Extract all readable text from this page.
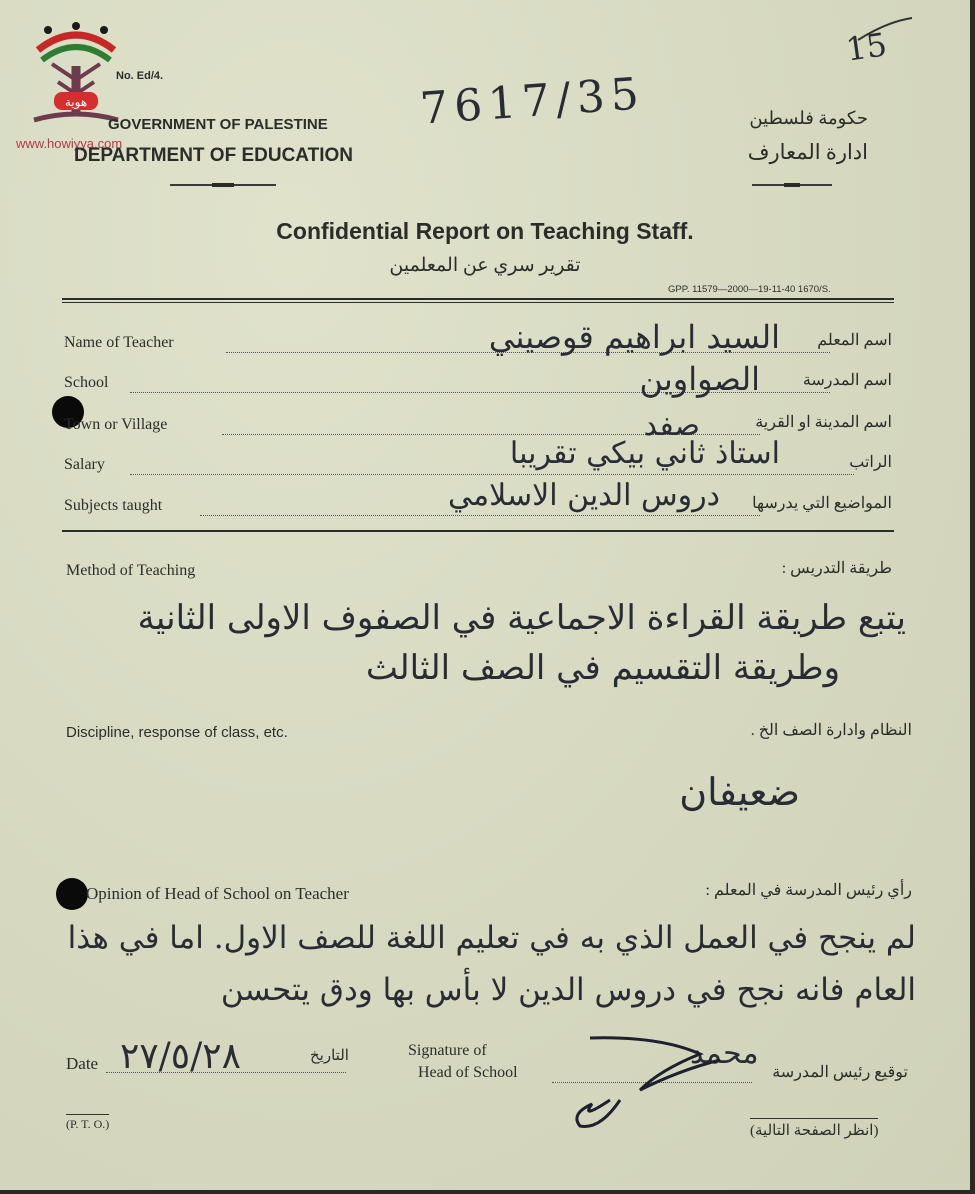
هوية
www.howiyya.com
No. Ed/4.	7617/35
15
GOVERNMENT OF PALESTINE
DEPARTMENT OF EDUCATION
حكومة فلسطين
ادارة المعارف
Confidential Report on Teaching Staff.
تقرير سري عن المعلمين
GPP. 11579—2000—19-11-40 1670/S.
Name of Teacher	اسم المعلم
السيد ابراهيم قوصيني
School	اسم المدرسة
الصواوين
Town or Village	اسم المدينة او القرية
صفد
Salary	الراتب
استاذ ثاني بيكي تقريبا
Subjects taught	المواضيع التي يدرسها
دروس الدين الاسلامي
Method of Teaching	طريقة التدريس :
يتبع طريقة القراءة الاجماعية في الصفوف الاولى الثانية
وطريقة التقسيم في الصف الثالث
Discipline, response of class, etc.	النظام وادارة الصف الخ .
ضعيفان
Opinion of Head of School on Teacher	رأي رئيس المدرسة في المعلم :
لم ينجح في العمل الذي به في تعليم اللغة للصف الاول. اما في هذا
العام فانه نجح في دروس الدين لا بأس بها ودق يتحسن
Date ٢٧/٥/٢٨	التاريخ	Signature of
Head of School
محمد
توقيع رئيس المدرسة
(P. T. O.)	(انظر الصفحة التالية)
